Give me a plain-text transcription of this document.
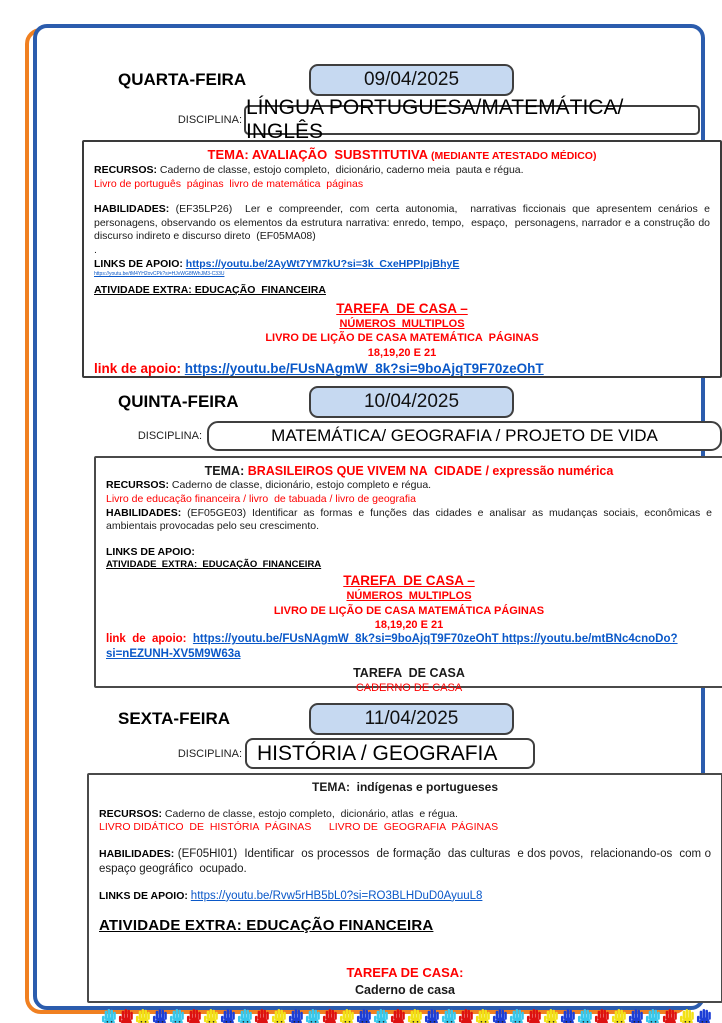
QUARTA-FEIRA	09/04/2025
DISCIPLINA:
LÍNGUA PORTUGUESA/MATEMÁTICA/ INGLÊS
TEMA: AVALIAÇÃO  SUBSTITUTIVA (MEDIANTE ATESTADO MÉDICO)
RECURSOS: Caderno de classe, estojo completo,  dicionário, caderno meia  pauta e régua.
Livro de português  páginas  livro de matemática  páginas
HABILIDADES: (EF35LP26)  Ler e compreender, com certa autonomia,  narrativas ficcionais que apresentem cenários e personagens, observando os elementos da estrutura narrativa: enredo, tempo,  espaço,  personagens, narrador e a construção do discurso indireto e discurso direto  (EF05MA08)
.
LINKS DE APOIO: https://youtu.be/2AyWt7YM7kU?si=3k_CxeHPPIpjBhyE
https://youtu.be/tM4YH2ovCPk?si=HJvWG8fWhJM3-C33U
ATIVIDADE EXTRA: EDUCAÇÃO  FINANCEIRA
TAREFA  DE CASA –
NÚMEROS  MULTIPLOS
LIVRO DE LIÇÃO DE CASA MATEMÁTICA  PÁGINAS
18,19,20 E 21
link de apoio: https://youtu.be/FUsNAgmW_8k?si=9boAjqT9F70zeOhT
QUINTA-FEIRA	10/04/2025
DISCIPLINA:	MATEMÁTICA/ GEOGRAFIA / PROJETO DE VIDA
TEMA: BRASILEIROS QUE VIVEM NA  CIDADE / expressão numérica
RECURSOS: Caderno de classe, dicionário, estojo completo e régua.
Livro de educação financeira / livro  de tabuada / livro de geografia
HABILIDADES: (EF05GE03) Identificar as formas e funções das cidades e analisar as mudanças sociais, econômicas e ambientais provocadas pelo seu crescimento.
LINKS DE APOIO:
ATIVIDADE  EXTRA:  EDUCAÇÃO  FINANCEIRA
TAREFA  DE CASA –
NÚMEROS  MULTIPLOS
LIVRO DE LIÇÃO DE CASA MATEMÁTICA PÁGINAS
18,19,20 E 21
link  de  apoio:  https://youtu.be/FUsNAgmW_8k?si=9boAjqT9F70zeOhT https://youtu.be/mtBNc4cnoDo?si=nEZUNH-XV5M9W63a
TAREFA  DE CASA
CADERNO DE CASA
SEXTA-FEIRA	11/04/2025
DISCIPLINA: HISTÓRIA / GEOGRAFIA
TEMA:  indígenas e portugueses
RECURSOS: Caderno de classe, estojo completo,  dicionário, atlas  e régua.
LIVRO DIDÁTICO  DE  HISTÓRIA  PÁGINAS      LIVRO DE  GEOGRAFIA  PÁGINAS
HABILIDADES: (EF05HI01)  Identificar  os processos  de formação  das culturas  e dos povos,  relacionando-os  com o espaço geográfico  ocupado.
LINKS DE APOIO: https://youtu.be/Rvw5rHB5bL0?si=RO3BLHDuD0AyuuL8
ATIVIDADE EXTRA: EDUCAÇÃO FINANCEIRA
TAREFA DE CASA:
Caderno de casa
